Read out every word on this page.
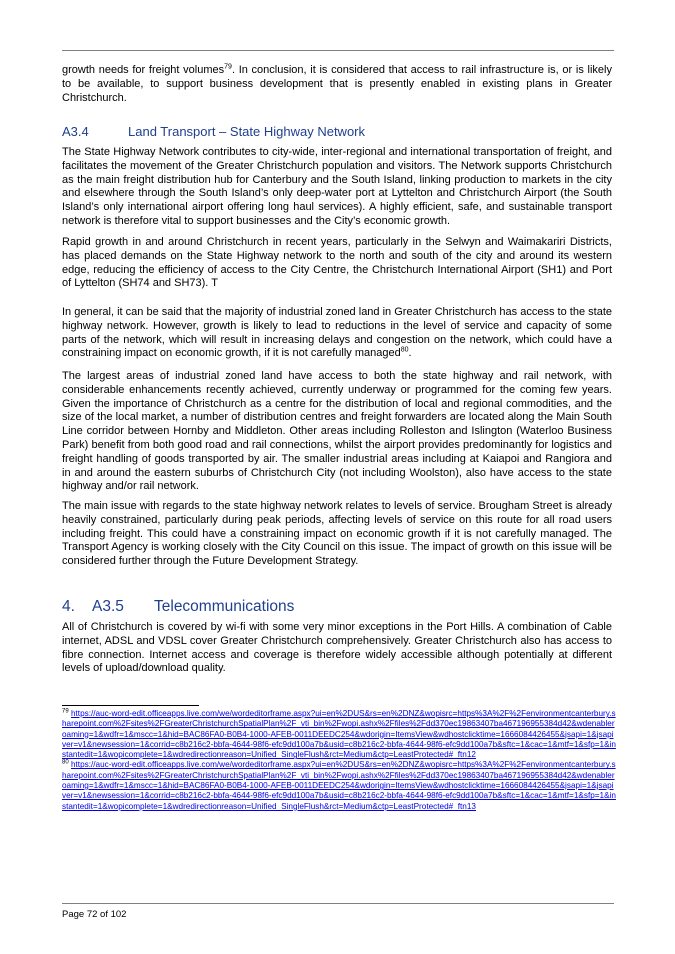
growth needs for freight volumes$^{79}$. In conclusion, it is considered that access to rail infrastructure is, or is likely to be available, to support business development that is presently enabled in existing plans in Greater Christchurch.

A3.4	Land Transport – State Highway Network

The State Highway Network contributes to city-wide, inter-regional and international transportation of freight, and facilitates the movement of the Greater Christchurch population and visitors. The Network supports Christchurch as the main freight distribution hub for Canterbury and the South Island, linking production to markets in the city and elsewhere through the South Island’s only deep-water port at Lyttelton and Christchurch Airport (the South Island’s only international airport offering long haul services). A highly efficient, safe, and sustainable transport network is therefore vital to support businesses and the City’s economic growth.

Rapid growth in and around Christchurch in recent years, particularly in the Selwyn and Waimakariri Districts, has placed demands on the State Highway network to the north and south of the city and around its western edge, reducing the efficiency of access to the City Centre, the Christchurch International Airport (SH1) and Port of Lyttelton (SH74 and SH73). T

In general, it can be said that the majority of industrial zoned land in Greater Christchurch has access to the state highway network. However, growth is likely to lead to reductions in the level of service and capacity of some parts of the network, which will result in increasing delays and congestion on the network, which could have a constraining impact on economic growth, if it is not carefully managed$^{80}$.

The largest areas of industrial zoned land have access to both the state highway and rail network, with considerable enhancements recently achieved, currently underway or programmed for the coming few years. Given the importance of Christchurch as a centre for the distribution of local and regional commodities, and the size of the local market, a number of distribution centres and freight forwarders are located along the Main South Line corridor between Hornby and Middleton. Other areas including Rolleston and Islington (Waterloo Business Park) benefit from both good road and rail connections, whilst the airport provides predominantly for logistics and freight handling of goods transported by air. The smaller industrial areas including at Kaiapoi and Rangiora and in and around the eastern suburbs of Christchurch City (not including Woolston), also have access to the state highway and/or rail network.

The main issue with regards to the state highway network relates to levels of service. Brougham Street is already heavily constrained, particularly during peak periods, affecting levels of service on this route for all road users including freight. This could have a constraining impact on economic growth if it is not carefully managed. The Transport Agency is working closely with the City Council on this issue. The impact of growth on this issue will be considered further through the Future Development Strategy.

4. A3.5 Telecommunications

All of Christchurch is covered by wi-fi with some very minor exceptions in the Port Hills. A combination of Cable internet, ADSL and VDSL cover Greater Christchurch comprehensively. Greater Christchurch also has access to fibre connection. Internet access and coverage is therefore widely accessible although potentially at different levels of upload/download quality.

$^{79}$ https://auc-word-edit.officeapps.live.com/we/wordeditorframe.aspx?ui=en%2DUS&rs=en%2DNZ&wopisrc=https%3A%2F%2Fenvironmentcanterbury.sharepoint.com%2Fsites%2FGreaterChristchurchSpatialPlan%2F_vti_bin%2Fwopi.ashx%2Ffiles%2Fdd370ec19863407ba467196955384d42&wdenableroaming=1&wdfr=1&mscc=1&hid=BAC86FA0-B0B4-1000-AFEB-0011DEEDC254&wdorigin=ItemsView&wdhostclicktime=1666084426455&jsapi=1&jsapiver=v1&newsession=1&corrid=c8b216c2-bbfa-4644-98f6-efc9dd100a7b&usid=c8b216c2-bbfa-4644-98f6-efc9dd100a7b&sftc=1&cac=1&mtf=1&sfp=1&instantedit=1&wopicomplete=1&wdredirectionreason=Unified_SingleFlush&rct=Medium&ctp=LeastProtected#_ftn12

$^{80}$ https://auc-word-edit.officeapps.live.com/we/wordeditorframe.aspx?ui=en%2DUS&rs=en%2DNZ&wopisrc=https%3A%2F%2Fenvironmentcanterbury.sharepoint.com%2Fsites%2FGreaterChristchurchSpatialPlan%2F_vti_bin%2Fwopi.ashx%2Ffiles%2Fdd370ec19863407ba467196955384d42&wdenableroaming=1&wdfr=1&mscc=1&hid=BAC86FA0-B0B4-1000-AFEB-0011DEEDC254&wdorigin=ItemsView&wdhostclicktime=1666084426455&jsapi=1&jsapiver=v1&newsession=1&corrid=c8b216c2-bbfa-4644-98f6-efc9dd100a7b&usid=c8b216c2-bbfa-4644-98f6-efc9dd100a7b&sftc=1&cac=1&mtf=1&sfp=1&instantedit=1&wopicomplete=1&wdredirectionreason=Unified_SingleFlush&rct=Medium&ctp=LeastProtected#_ftn13

Page 72 of 102
